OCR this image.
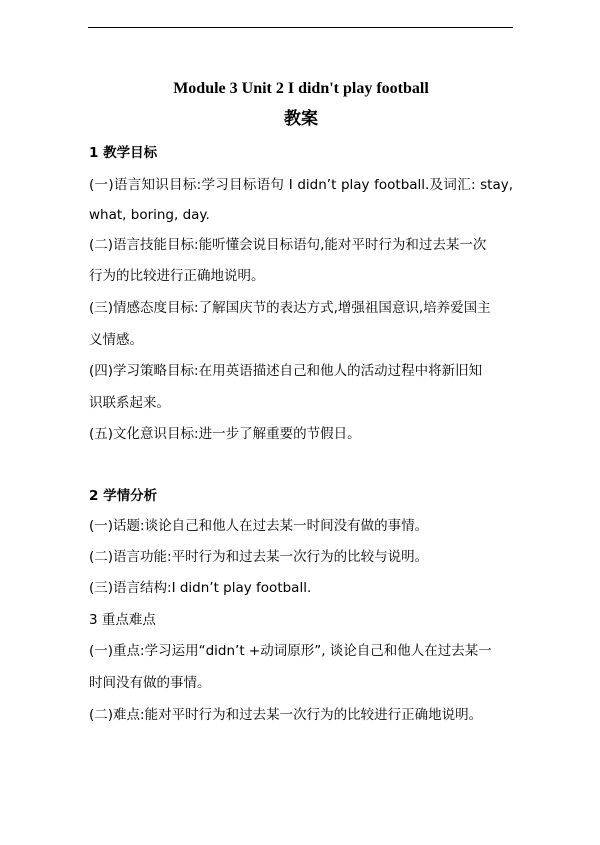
Module 3 Unit 2 I didn't play football
教案
1 教学目标
(一)语言知识目标:学习目标语句 I didn’t play football.及词汇: stay,
what, boring, day.
(二)语言技能目标:能听懂会说目标语句,能对平时行为和过去某一次
行为的比较进行正确地说明。
(三)情感态度目标:了解国庆节的表达方式,增强祖国意识,培养爱国主
义情感。
(四)学习策略目标:在用英语描述自己和他人的活动过程中将新旧知
识联系起来。
(五)文化意识目标:进一步了解重要的节假日。
2 学情分析
(一)话题:谈论自己和他人在过去某一时间没有做的事情。
(二)语言功能:平时行为和过去某一次行为的比较与说明。
(三)语言结构:I didn’t play football.
3 重点难点
(一)重点:学习运用“didn’t +动词原形”, 谈论自己和他人在过去某一
时间没有做的事情。
(二)难点:能对平时行为和过去某一次行为的比较进行正确地说明。
